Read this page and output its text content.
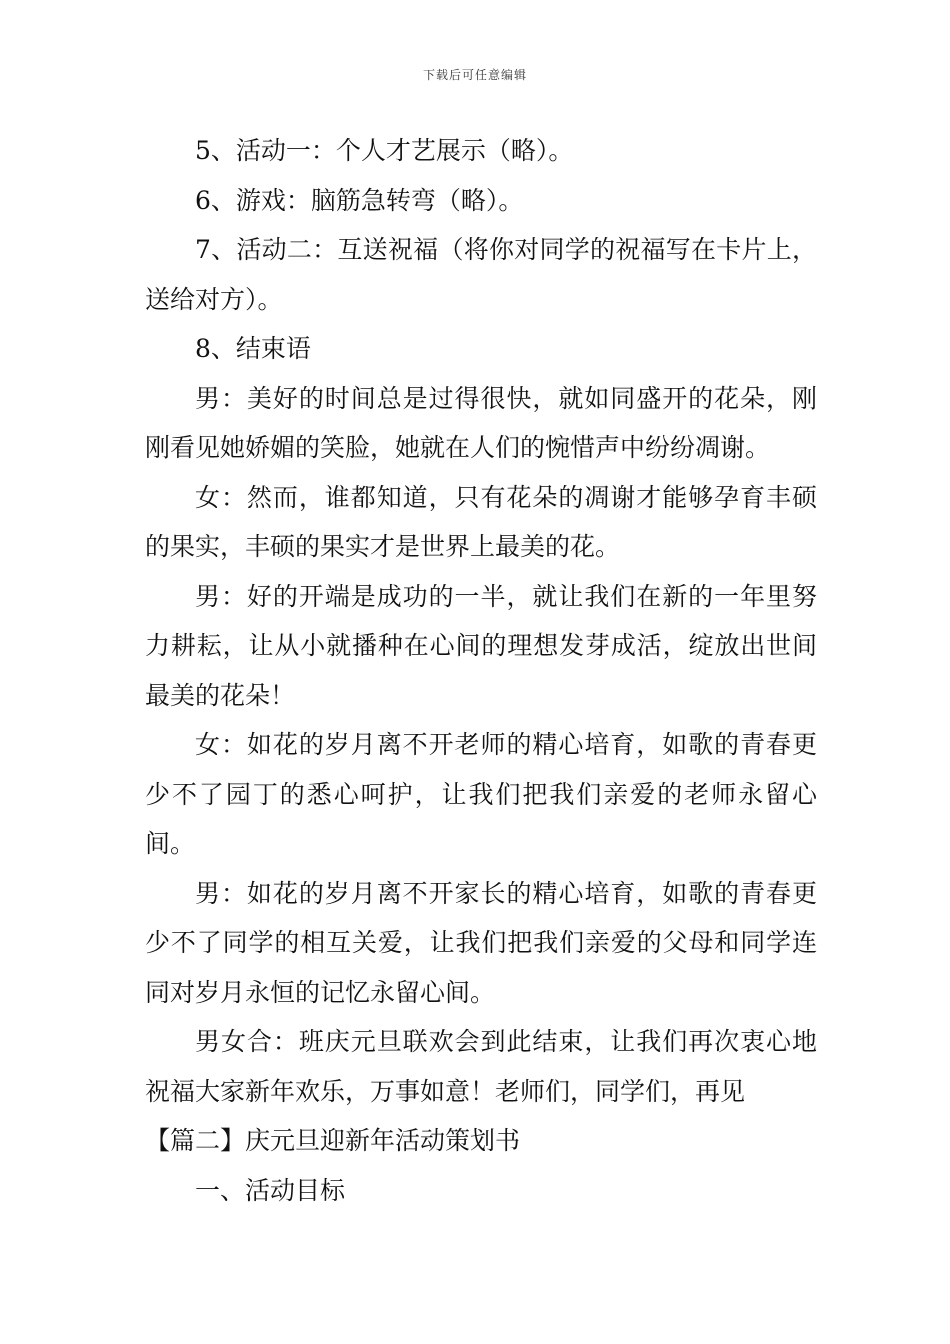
下载后可任意编辑

5、活动一：个人才艺展示（略）。

6、游戏：脑筋急转弯（略）。

7、活动二：互送祝福（将你对同学的祝福写在卡片上，送给对方）。

8、结束语

男：美好的时间总是过得很快，就如同盛开的花朵，刚刚看见她娇媚的笑脸，她就在人们的惋惜声中纷纷凋谢。

女：然而，谁都知道，只有花朵的凋谢才能够孕育丰硕的果实，丰硕的果实才是世界上最美的花。

男：好的开端是成功的一半，就让我们在新的一年里努力耕耘，让从小就播种在心间的理想发芽成活，绽放出世间最美的花朵！

女：如花的岁月离不开老师的精心培育，如歌的青春更少不了园丁的悉心呵护，让我们把我们亲爱的老师永留心间。

男：如花的岁月离不开家长的精心培育，如歌的青春更少不了同学的相互关爱，让我们把我们亲爱的父母和同学连同对岁月永恒的记忆永留心间。

男女合：班庆元旦联欢会到此结束，让我们再次衷心地祝福大家新年欢乐，万事如意！老师们，同学们，再见

【篇二】庆元旦迎新年活动策划书

一、活动目标
